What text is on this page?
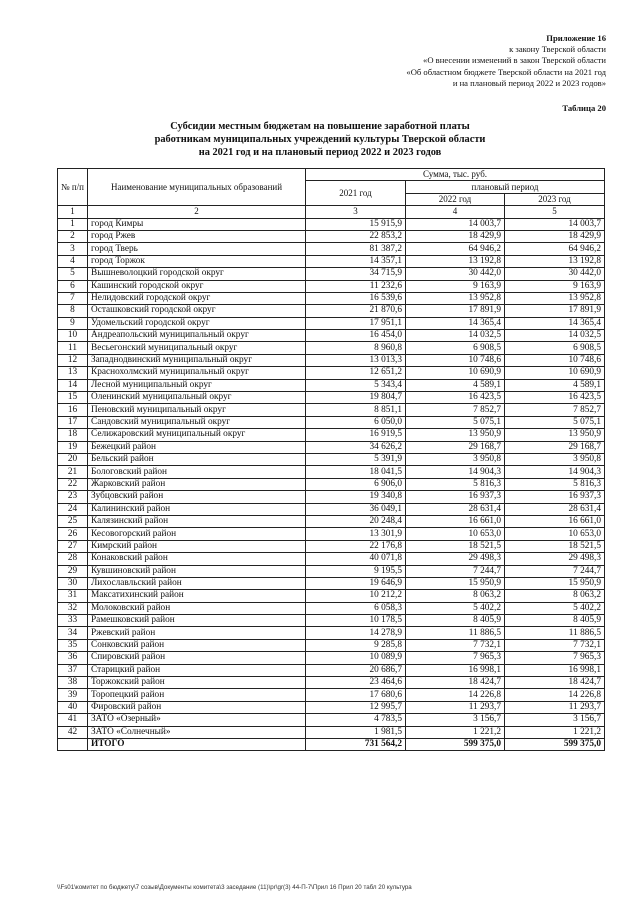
Приложение 16
к закону Тверской области
«О внесении изменений в закон Тверской области
«Об областном бюджете Тверской области на 2021 год
и на плановый период 2022 и 2023 годов»
Таблица 20
Субсидии местным бюджетам на повышение заработной платы
работникам муниципальных учреждений культуры Тверской области
на 2021 год и на плановый период 2022 и 2023 годов
№ п/п	Наименование муниципальных образований	Сумма, тыс. руб.		
		2021 год	плановый период	
			2022 год	2023 год
1	2	3	4	5
1	город Кимры	15 915,9	14 003,7	14 003,7
2	город Ржев	22 853,2	18 429,9	18 429,9
3	город Тверь	81 387,2	64 946,2	64 946,2
4	город Торжок	14 357,1	13 192,8	13 192,8
5	Вышневолоцкий городской округ	34 715,9	30 442,0	30 442,0
6	Кашинский городской округ	11 232,6	9 163,9	9 163,9
7	Нелидовский городской округ	16 539,6	13 952,8	13 952,8
8	Осташковский городской округ	21 870,6	17 891,9	17 891,9
9	Удомельский городской округ	17 951,1	14 365,4	14 365,4
10	Андреапольский муниципальный округ	16 454,0	14 032,5	14 032,5
11	Весьегонский муниципальный округ	8 960,8	6 908,5	6 908,5
12	Западнодвинский муниципальный округ	13 013,3	10 748,6	10 748,6
13	Краснохолмский муниципальный округ	12 651,2	10 690,9	10 690,9
14	Лесной муниципальный округ	5 343,4	4 589,1	4 589,1
15	Оленинский муниципальный округ	19 804,7	16 423,5	16 423,5
16	Пеновский муниципальный округ	8 851,1	7 852,7	7 852,7
17	Сандовский муниципальный округ	6 050,0	5 075,1	5 075,1
18	Селижаровский муниципальный округ	16 919,5	13 950,9	13 950,9
19	Бежецкий район	34 626,2	29 168,7	29 168,7
20	Бельский район	5 391,9	3 950,8	3 950,8
21	Бологовский район	18 041,5	14 904,3	14 904,3
22	Жарковский район	6 906,0	5 816,3	5 816,3
23	Зубцовский район	19 340,8	16 937,3	16 937,3
24	Калининский район	36 049,1	28 631,4	28 631,4
25	Калязинский район	20 248,4	16 661,0	16 661,0
26	Кесовогорский район	13 301,9	10 653,0	10 653,0
27	Кимрский район	22 176,8	18 521,5	18 521,5
28	Конаковский район	40 071,8	29 498,3	29 498,3
29	Кувшиновский район	9 195,5	7 244,7	7 244,7
30	Лихославльский район	19 646,9	15 950,9	15 950,9
31	Максатихинский район	10 212,2	8 063,2	8 063,2
32	Молоковский район	6 058,3	5 402,2	5 402,2
33	Рамешковский район	10 178,5	8 405,9	8 405,9
34	Ржевский район	14 278,9	11 886,5	11 886,5
35	Сонковский район	9 285,8	7 732,1	7 732,1
36	Спировский район	10 089,9	7 965,3	7 965,3
37	Старицкий район	20 686,7	16 998,1	16 998,1
38	Торжокский район	23 464,6	18 424,7	18 424,7
39	Торопецкий район	17 680,6	14 226,8	14 226,8
40	Фировский район	12 995,7	11 293,7	11 293,7
41	ЗАТО «Озерный»	4 783,5	3 156,7	3 156,7
42	ЗАТО «Солнечный»	1 981,5	1 221,2	1 221,2
	ИТОГО	731 564,2	599 375,0	599 375,0
\\Fs01\комитет по бюджету\7 созыв\Документы комитета\3 заседание (11)\pr\gr(3) 44-П-7\Прил 16 Прил 20 табл 20 культура
